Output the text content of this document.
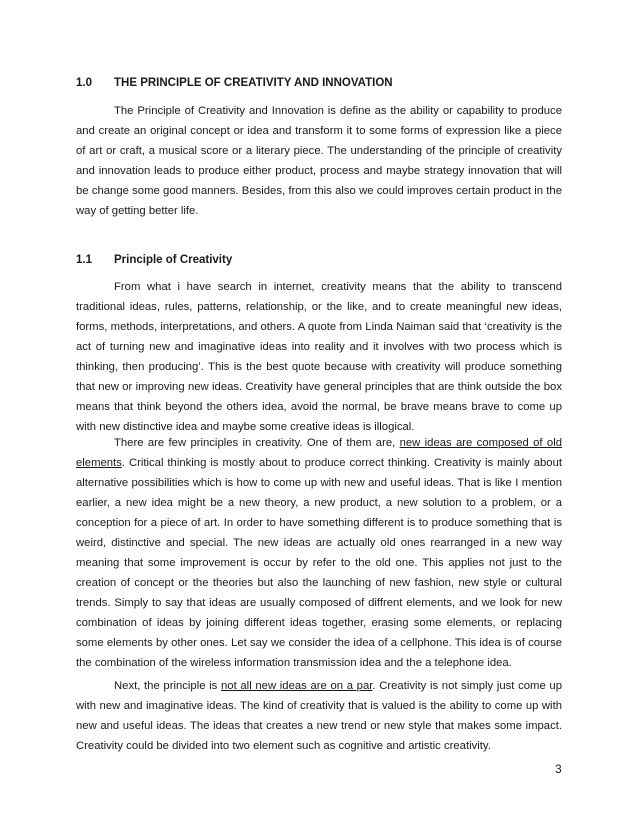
1.0 THE PRINCIPLE OF CREATIVITY AND INNOVATION

The Principle of Creativity and Innovation is define as the ability or capability to produce and create an original concept or idea and transform it to some forms of expression like a piece of art or craft, a musical score or a literary piece. The understanding of the principle of creativity and innovation leads to produce either product, process and maybe strategy innovation that will be change some good manners. Besides, from this also we could improves certain product in the way of getting better life.

1.1 Principle of Creativity

From what i have search in internet, creativity means that the ability to transcend traditional ideas, rules, patterns, relationship, or the like, and to create meaningful new ideas, forms, methods, interpretations, and others. A quote from Linda Naiman said that ‘creativity is the act of turning new and imaginative ideas into reality and it involves with two process which is thinking, then producing’. This is the best quote because with creativity will produce something that new or improving new ideas. Creativity have general principles that are think outside the box means that think beyond the others idea, avoid the normal, be brave means brave to come up with new distinctive idea and maybe some creative ideas is illogical.

There are few principles in creativity. One of them are, new ideas are composed of old elements. Critical thinking is mostly about to produce correct thinking. Creativity is mainly about alternative possibilities which is how to come up with new and useful ideas. That is like I mention earlier, a new idea might be a new theory, a new product, a new solution to a problem, or a conception for a piece of art. In order to have something different is to produce something that is weird, distinctive and special. The new ideas are actually old ones rearranged in a new way meaning that some improvement is occur by refer to the old one. This applies not just to the creation of concept or the theories but also the launching of new fashion, new style or cultural trends. Simply to say that ideas are usually composed of diffrent elements, and we look for new combination of ideas by joining different ideas together, erasing some elements, or replacing some elements by other ones. Let say we consider the idea of a cellphone. This idea is of course the combination of the wireless information transmission idea and the a telephone idea.

Next, the principle is not all new ideas are on a par. Creativity is not simply just come up with new and imaginative ideas. The kind of creativity that is valued is the ability to come up with new and useful ideas. The ideas that creates a new trend or new style that makes some impact. Creativity could be divided into two element such as cognitive and artistic creativity.

3
